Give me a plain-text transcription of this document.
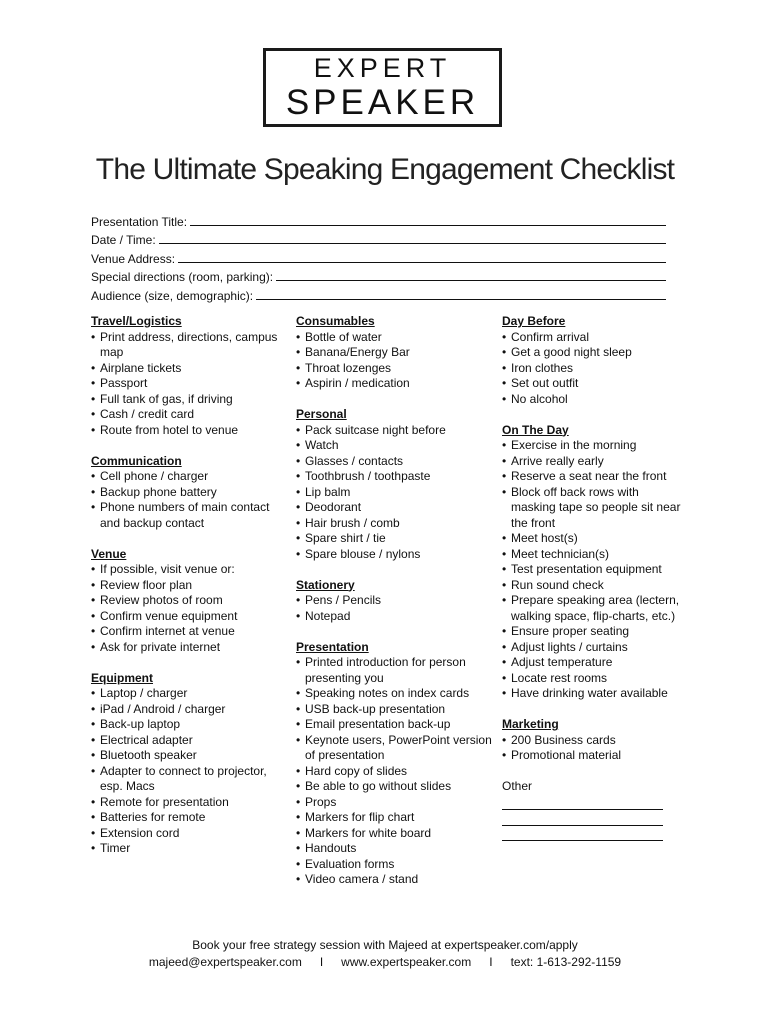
EXPERT
SPEAKER
The Ultimate Speaking Engagement Checklist
Presentation Title:
Date / Time:
Venue Address:
Special directions (room, parking):
Audience (size, demographic):
Travel/Logistics
• Print address, directions, campus map
• Airplane tickets
• Passport
• Full tank of gas, if driving
• Cash / credit card
• Route from hotel to venue
Communication
• Cell phone / charger
• Backup phone battery
• Phone numbers of main contact and backup contact
Venue
• If possible, visit venue or:
• Review floor plan
• Review photos of room
• Confirm venue equipment
• Confirm internet at venue
• Ask for private internet
Equipment
• Laptop / charger
• iPad / Android / charger
• Back-up laptop
• Electrical adapter
• Bluetooth speaker
• Adapter to connect to projector, esp. Macs
• Remote for presentation
• Batteries for remote
• Extension cord
• Timer
Consumables
• Bottle of water
• Banana/Energy Bar
• Throat lozenges
• Aspirin / medication
Personal
• Pack suitcase night before
• Watch
• Glasses / contacts
• Toothbrush / toothpaste
• Lip balm
• Deodorant
• Hair brush / comb
• Spare shirt / tie
• Spare blouse / nylons
Stationery
• Pens / Pencils
• Notepad
Presentation
• Printed introduction for person presenting you
• Speaking notes on index cards
• USB back-up presentation
• Email presentation back-up
• Keynote users, PowerPoint version of presentation
• Hard copy of slides
• Be able to go without slides
• Props
• Markers for flip chart
• Markers for white board
• Handouts
• Evaluation forms
• Video camera / stand
Day Before
• Confirm arrival
• Get a good night sleep
• Iron clothes
• Set out outfit
• No alcohol
On The Day
• Exercise in the morning
• Arrive really early
• Reserve a seat near the front
• Block off back rows with masking tape so people sit near the front
• Meet host(s)
• Meet technician(s)
• Test presentation equipment
• Run sound check
• Prepare speaking area (lectern, walking space, flip-charts, etc.)
• Ensure proper seating
• Adjust lights / curtains
• Adjust temperature
• Locate rest rooms
• Have drinking water available
Marketing
• 200 Business cards
• Promotional material
Other
Book your free strategy session with Majeed at expertspeaker.com/apply
majeed@expertspeaker.com I www.expertspeaker.com I text: 1-613-292-1159
